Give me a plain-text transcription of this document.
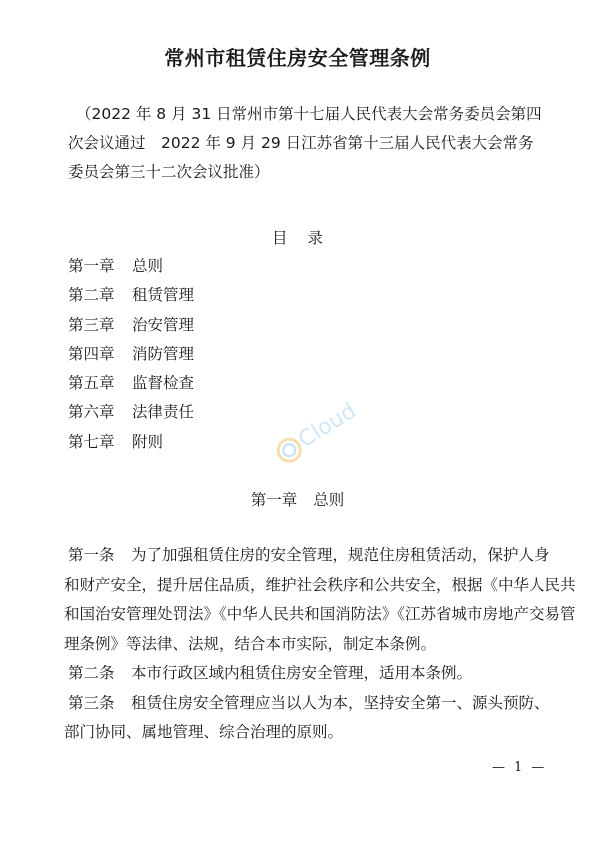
常州市租赁住房安全管理条例
（2022 年 8 月 31 日常州市第十七届人民代表大会常务委员会第四
次会议通过　2022 年 9 月 29 日江苏省第十三届人民代表大会常务
委员会第三十二次会议批准）
目 录
第一章 总则
第二章 租赁管理
第三章 治安管理
第四章 消防管理
第五章 监督检查
第六章 法律责任
第七章 附则	Cloud
第一章 总则
第一条 为了加强租赁住房的安全管理，规范住房租赁活动，保护人身
和财产安全，提升居住品质，维护社会秩序和公共安全，根据《中华人民共
和国治安管理处罚法》《中华人民共和国消防法》《江苏省城市房地产交易管
理条例》等法律、法规，结合本市实际，制定本条例。
第二条 本市行政区域内租赁住房安全管理，适用本条例。
第三条 租赁住房安全管理应当以人为本，坚持安全第一、源头预防、
部门协同、属地管理、综合治理的原则。
— 1 —
